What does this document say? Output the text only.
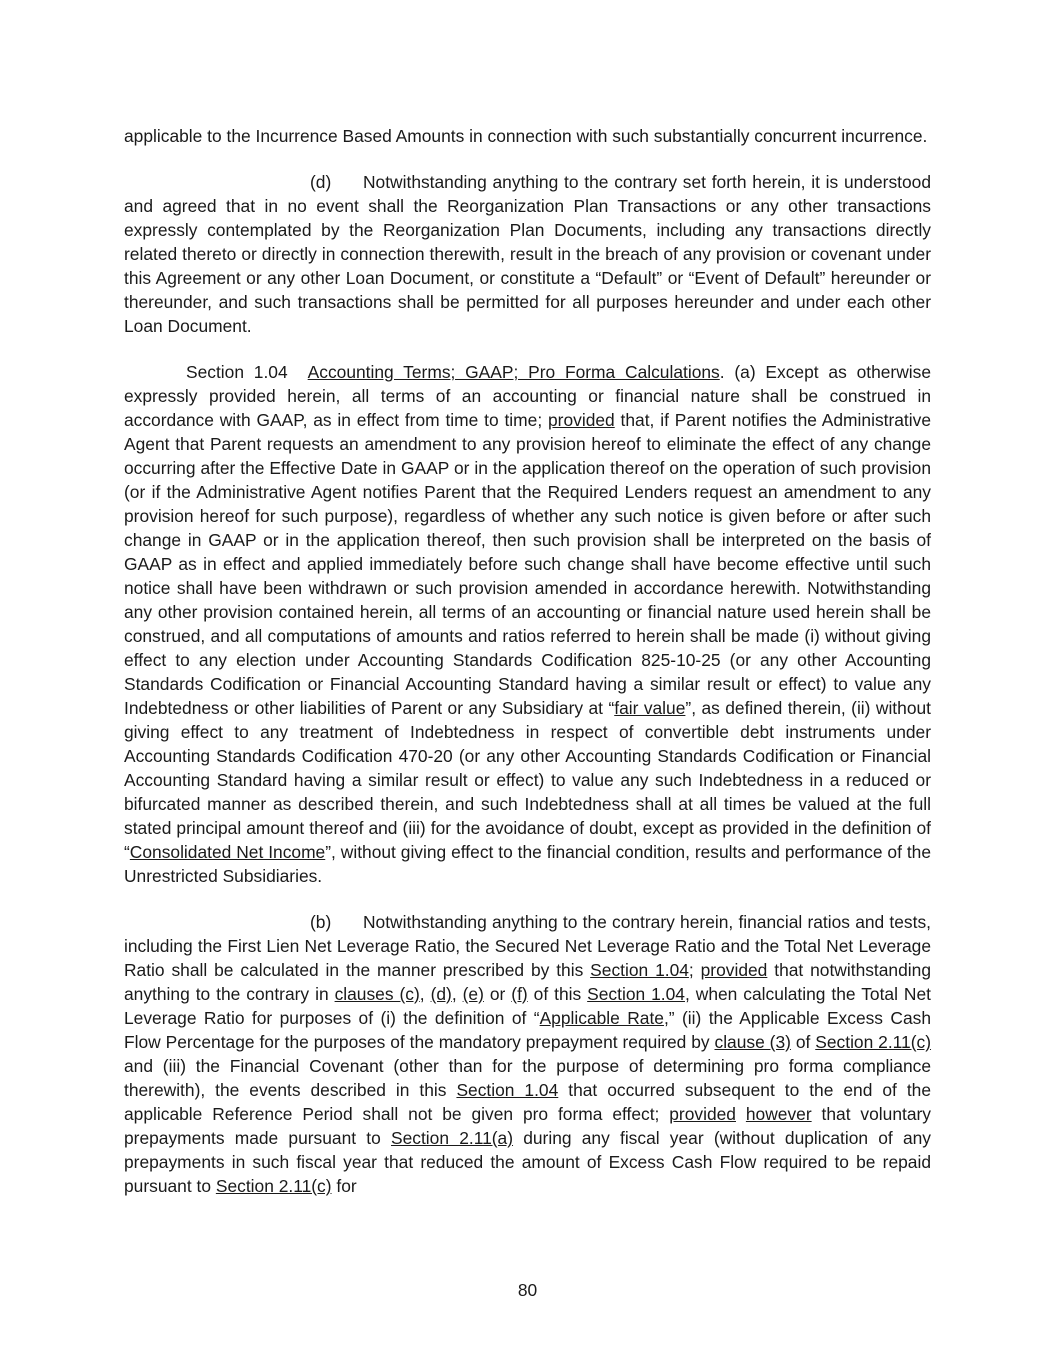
applicable to the Incurrence Based Amounts in connection with such substantially concurrent incurrence.

(d) Notwithstanding anything to the contrary set forth herein, it is understood and agreed that in no event shall the Reorganization Plan Transactions or any other transactions expressly contemplated by the Reorganization Plan Documents, including any transactions directly related thereto or directly in connection therewith, result in the breach of any provision or covenant under this Agreement or any other Loan Document, or constitute a “Default” or “Event of Default” hereunder or thereunder, and such transactions shall be permitted for all purposes hereunder and under each other Loan Document.

Section 1.04 Accounting Terms; GAAP; Pro Forma Calculations. (a) Except as otherwise expressly provided herein, all terms of an accounting or financial nature shall be construed in accordance with GAAP, as in effect from time to time; provided that, if Parent notifies the Administrative Agent that Parent requests an amendment to any provision hereof to eliminate the effect of any change occurring after the Effective Date in GAAP or in the application thereof on the operation of such provision (or if the Administrative Agent notifies Parent that the Required Lenders request an amendment to any provision hereof for such purpose), regardless of whether any such notice is given before or after such change in GAAP or in the application thereof, then such provision shall be interpreted on the basis of GAAP as in effect and applied immediately before such change shall have become effective until such notice shall have been withdrawn or such provision amended in accordance herewith. Notwithstanding any other provision contained herein, all terms of an accounting or financial nature used herein shall be construed, and all computations of amounts and ratios referred to herein shall be made (i) without giving effect to any election under Accounting Standards Codification 825-10-25 (or any other Accounting Standards Codification or Financial Accounting Standard having a similar result or effect) to value any Indebtedness or other liabilities of Parent or any Subsidiary at “fair value”, as defined therein, (ii) without giving effect to any treatment of Indebtedness in respect of convertible debt instruments under Accounting Standards Codification 470-20 (or any other Accounting Standards Codification or Financial Accounting Standard having a similar result or effect) to value any such Indebtedness in a reduced or bifurcated manner as described therein, and such Indebtedness shall at all times be valued at the full stated principal amount thereof and (iii) for the avoidance of doubt, except as provided in the definition of “Consolidated Net Income”, without giving effect to the financial condition, results and performance of the Unrestricted Subsidiaries.

(b) Notwithstanding anything to the contrary herein, financial ratios and tests, including the First Lien Net Leverage Ratio, the Secured Net Leverage Ratio and the Total Net Leverage Ratio shall be calculated in the manner prescribed by this Section 1.04; provided that notwithstanding anything to the contrary in clauses (c), (d), (e) or (f) of this Section 1.04, when calculating the Total Net Leverage Ratio for purposes of (i) the definition of “Applicable Rate,” (ii) the Applicable Excess Cash Flow Percentage for the purposes of the mandatory prepayment required by clause (3) of Section 2.11(c) and (iii) the Financial Covenant (other than for the purpose of determining pro forma compliance therewith), the events described in this Section 1.04 that occurred subsequent to the end of the applicable Reference Period shall not be given pro forma effect; provided however that voluntary prepayments made pursuant to Section 2.11(a) during any fiscal year (without duplication of any prepayments in such fiscal year that reduced the amount of Excess Cash Flow required to be repaid pursuant to Section 2.11(c) for

80
